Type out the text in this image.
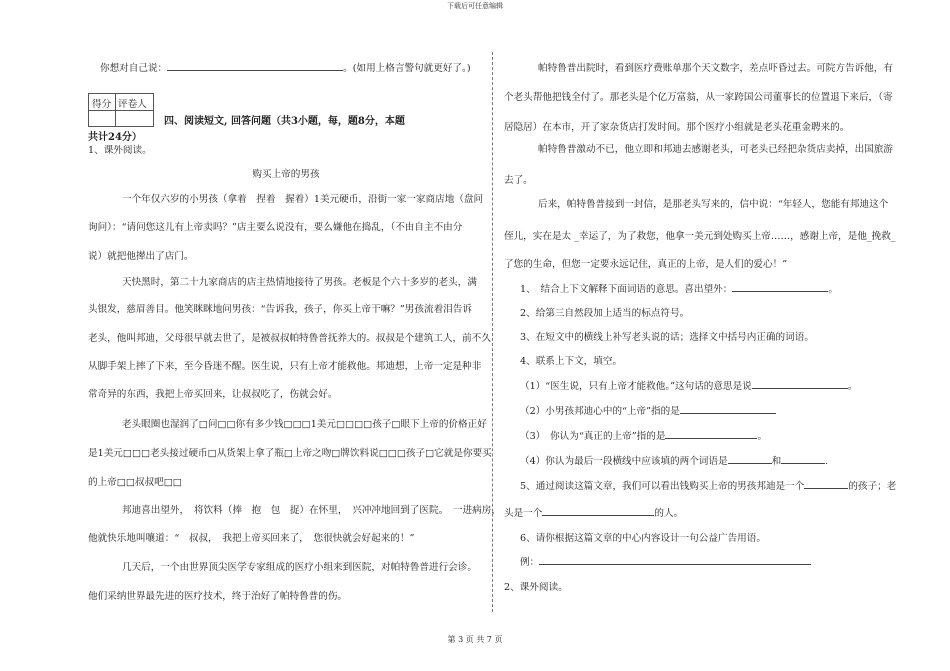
下载后可任意编辑
你想对自己说：	。(如用上格言警句就更好了。)
得分 评卷人
四、阅读短文, 回答问题（共3小题，每，题8分，本题
共计24分）
1、课外阅读。
购买上帝的男孩
一个年仅六岁的小男孩（拿着　捏着　握着）1美元硬币，沿街一家一家商店地（盘问
询问）：“请问您这儿有上帝卖吗？”店主要么说没有，要么嫌他在捣乱，（不由自主不由分
说）就把他撵出了店门。
天快黑时，第二十九家商店的店主热情地接待了男孩。老板是个六十多岁的老头，满
头银发，慈眉善目。他笑眯眯地问男孩：“告诉我，孩子，你买上帝干嘛？”男孩流着泪告诉
老头，他叫邦迪，父母很早就去世了，是被叔叔帕特鲁普抚养大的。叔叔是个建筑工人，前不久
从脚手架上摔了下来，至今昏迷不醒。医生说，只有上帝才能救他。邦迪想，上帝一定是种非
常奇异的东西，我把上帝买回来，让叔叔吃了，伤就会好。
老头眼圈也湿润了□问□□你有多少钱□□□1美元□□□□孩子□眼下上帝的价格正好
是1美元□□□老头接过硬币□从货架上拿了瓶□上帝之吻□牌饮料说□□□孩子□它就是你要买
的上帝□□叔叔吧□□
邦迪喜出望外，　将饮料（捧　抱　包　捉）在怀里，　兴冲冲地回到了医院。　一进病房，
他就快乐地叫嚷道：“　叔叔，　我把上帝买回来了，　您很快就会好起来的！”
几天后，一个由世界顶尖医学专家组成的医疗小组来到医院，对帕特鲁普进行会诊。
他们采纳世界最先进的医疗技术，终于治好了帕特鲁普的伤。
帕特鲁普出院时，看到医疗费账单那个天文数字，差点吓昏过去。可院方告诉他，有
个老头帮他把钱全付了。那老头是个亿万富翁，从一家跨国公司董事长的位置退下来后，（寄
居隐居）在本市，开了家杂货店打发时间。那个医疗小组就是老头花重金聘来的。
帕特鲁普激动不已，他立即和邦迪去感谢老头，可老头已经把杂货店卖掉，出国旅游
去了。
后来，帕特鲁普接到一封信，是那老头写来的，信中说：“年轻人，您能有邦迪这个
侄儿，实在是太 _幸运了，为了救您，他拿一美元到处购买上帝……，感谢上帝，是他_挽救_
了您的生命，但您一定要永远记住，真正的上帝，是人们的爱心！”
1、　结合上下文解释下面词语的意思。喜出望外：	。
2、给第三自然段加上适当的标点符号。
3、在短文中的横线上补写老头说的话；选择文中括号内正确的词语。
4、联系上下文，填空。
（1）“医生说，只有上帝才能救他。”这句话的意思是说	。
（2）小男孩邦迪心中的“上帝”指的是
（3）　你认为“真正的上帝”指的是	。
（4）你认为最后一段横线中应该填的两个词语是	和	.
5、通过阅读这篇文章，我们可以看出钱购买上帝的男孩邦迪是一个	的孩子；老
头是一个	的人。
6、请你根据这篇文章的中心内容设计一句公益广告用语。
例：
2、课外阅读。
第 3 页 共 7 页
